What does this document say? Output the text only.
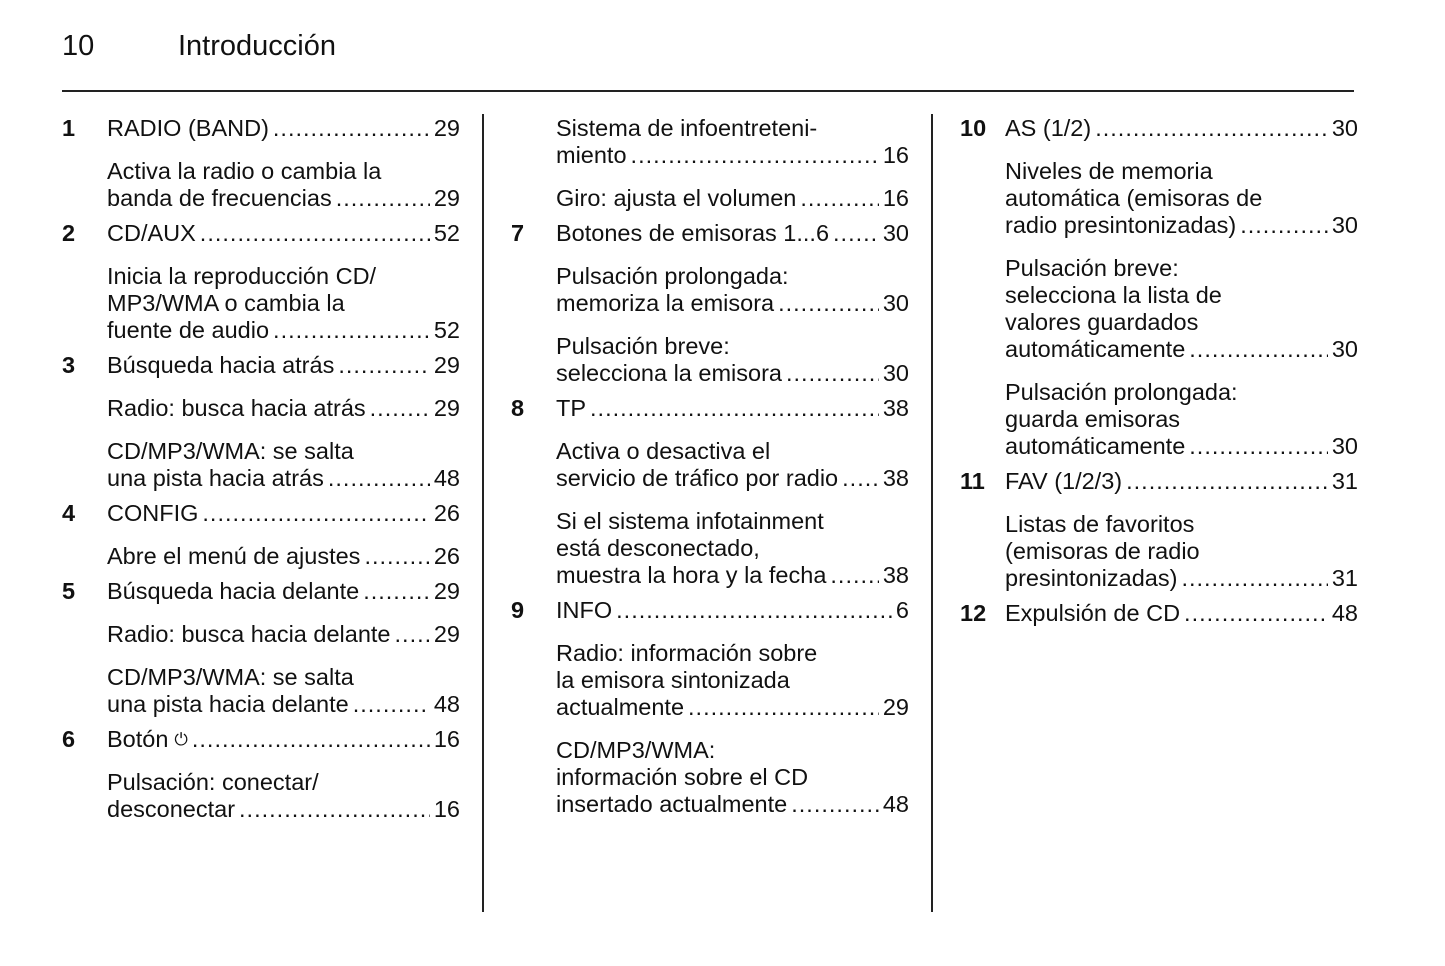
10	Introducción
1 RADIO (BAND) .....	29
Activa la radio o cambia la
banda de frecuencias .....	29
2 CD/AUX .....	52
Inicia la reproducción CD/
MP3/WMA o cambia la
fuente de audio .....	52
3 Búsqueda hacia atrás .....	29
Radio: busca hacia atrás .....	29
CD/MP3/WMA: se salta
una pista hacia atrás .....	48
4 CONFIG .....	26
Abre el menú de ajustes .....	26
5 Búsqueda hacia delante .....	29
Radio: busca hacia delante ..... 29
CD/MP3/WMA: se salta
una pista hacia delante .....	48
6 Botón ⏻ .....	16
Pulsación: conectar/
desconectar .....	16
Sistema de infoentreteni-
miento .....	16
Giro: ajusta el volumen .....	16
7 Botones de emisoras 1...6 ..... 30
Pulsación prolongada:
memoriza la emisora .....	30
Pulsación breve:
selecciona la emisora .....	30
8 TP .....	38
Activa o desactiva el
servicio de tráfico por radio ..... 38
Si el sistema infotainment
está desconectado,
muestra la hora y la fecha ..... 38
9 INFO .....	6
Radio: información sobre
la emisora sintonizada
actualmente .....	29
CD/MP3/WMA:
información sobre el CD
insertado actualmente .....	48
10 AS (1/2) .....	30
Niveles de memoria
automática (emisoras de
radio presintonizadas) .....	30
Pulsación breve:
selecciona la lista de
valores guardados
automáticamente .....	30
Pulsación prolongada:
guarda emisoras
automáticamente .....	30
11 FAV (1/2/3) .....	31
Listas de favoritos
(emisoras de radio
presintonizadas) .....	31
12 Expulsión de CD .....	48
